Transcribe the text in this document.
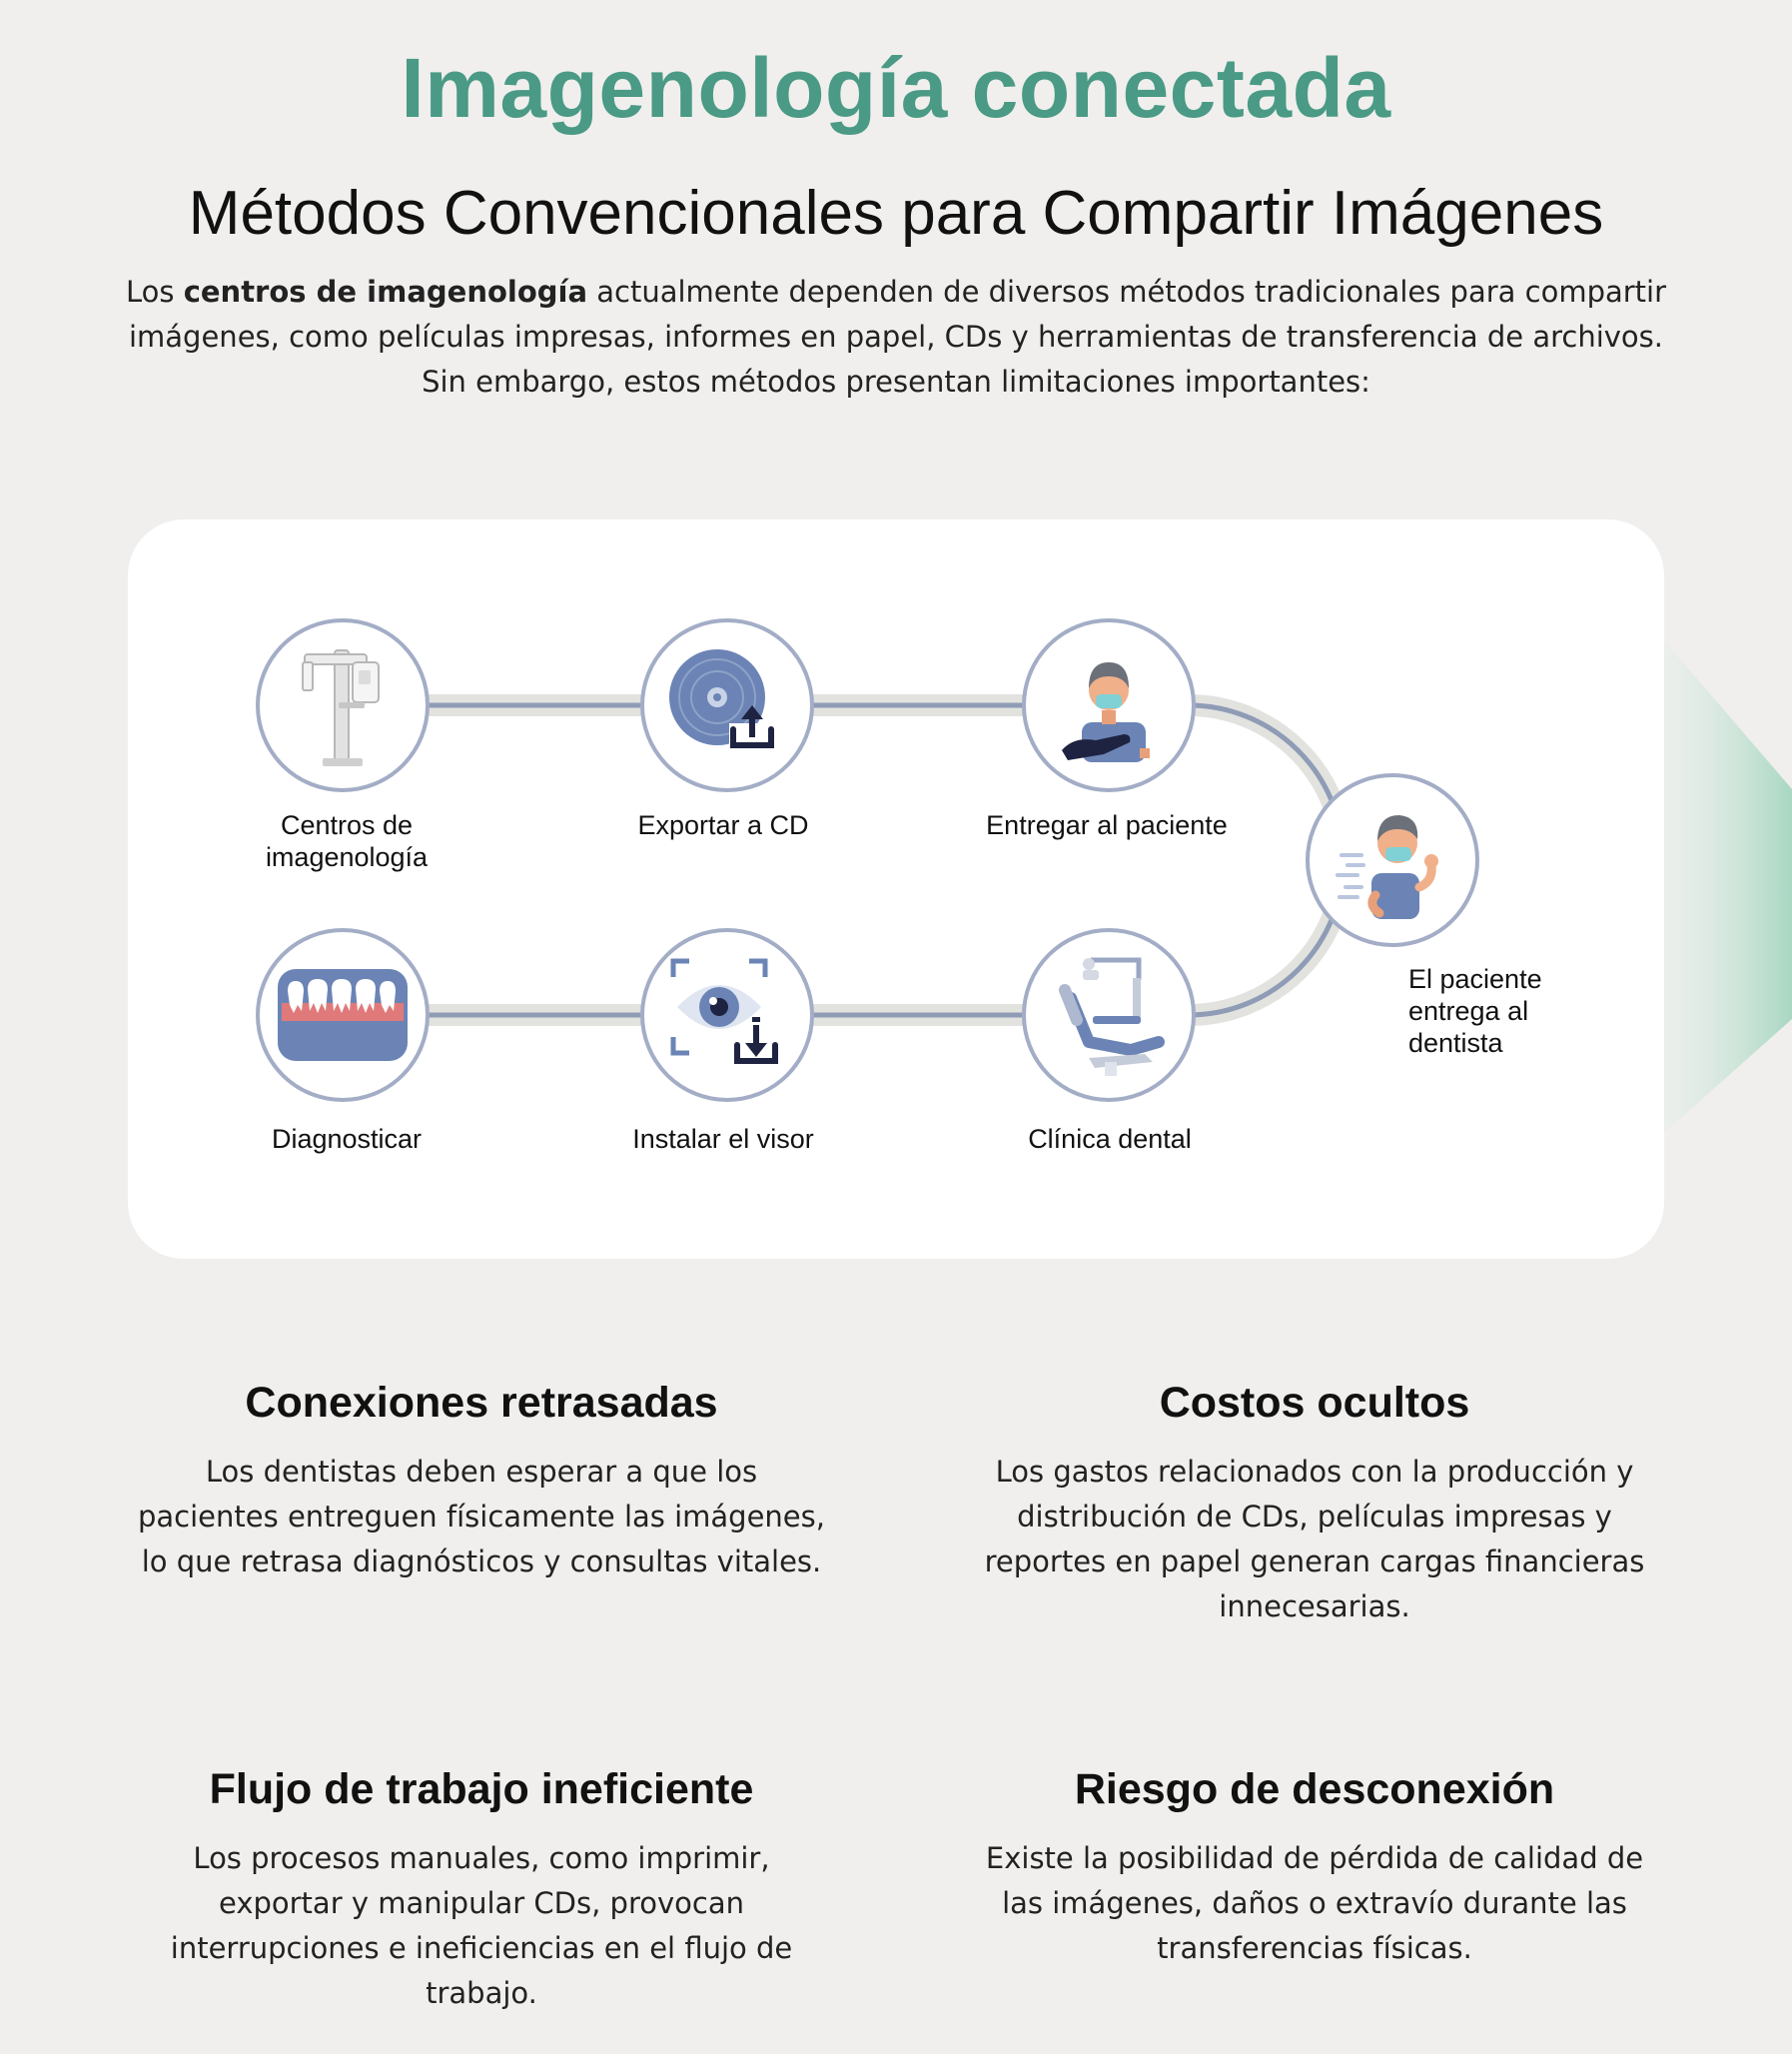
Imagenología conectada
Métodos Convencionales para Compartir Imágenes

Los centros de imagenología actualmente dependen de diversos métodos tradicionales para compartir imágenes, como películas impresas, informes en papel, CDs y herramientas de transferencia de archivos. Sin embargo, estos métodos presentan limitaciones importantes:

Centros de imagenología
Exportar a CD	Entregar al paciente
El paciente entrega al dentista
Clínica dental
Instalar el visor
Diagnosticar
Conexiones retrasadas

Los dentistas deben esperar a que los pacientes entreguen físicamente las imágenes, lo que retrasa diagnósticos y consultas vitales.

Costos ocultos

Los gastos relacionados con la producción y distribución de CDs, películas impresas y reportes en papel generan cargas financieras innecesarias.

Flujo de trabajo ineficiente

Los procesos manuales, como imprimir, exportar y manipular CDs, provocan interrupciones e ineficiencias en el flujo de trabajo.

Riesgo de desconexión

Existe la posibilidad de pérdida de calidad de las imágenes, daños o extravío durante las transferencias físicas.
